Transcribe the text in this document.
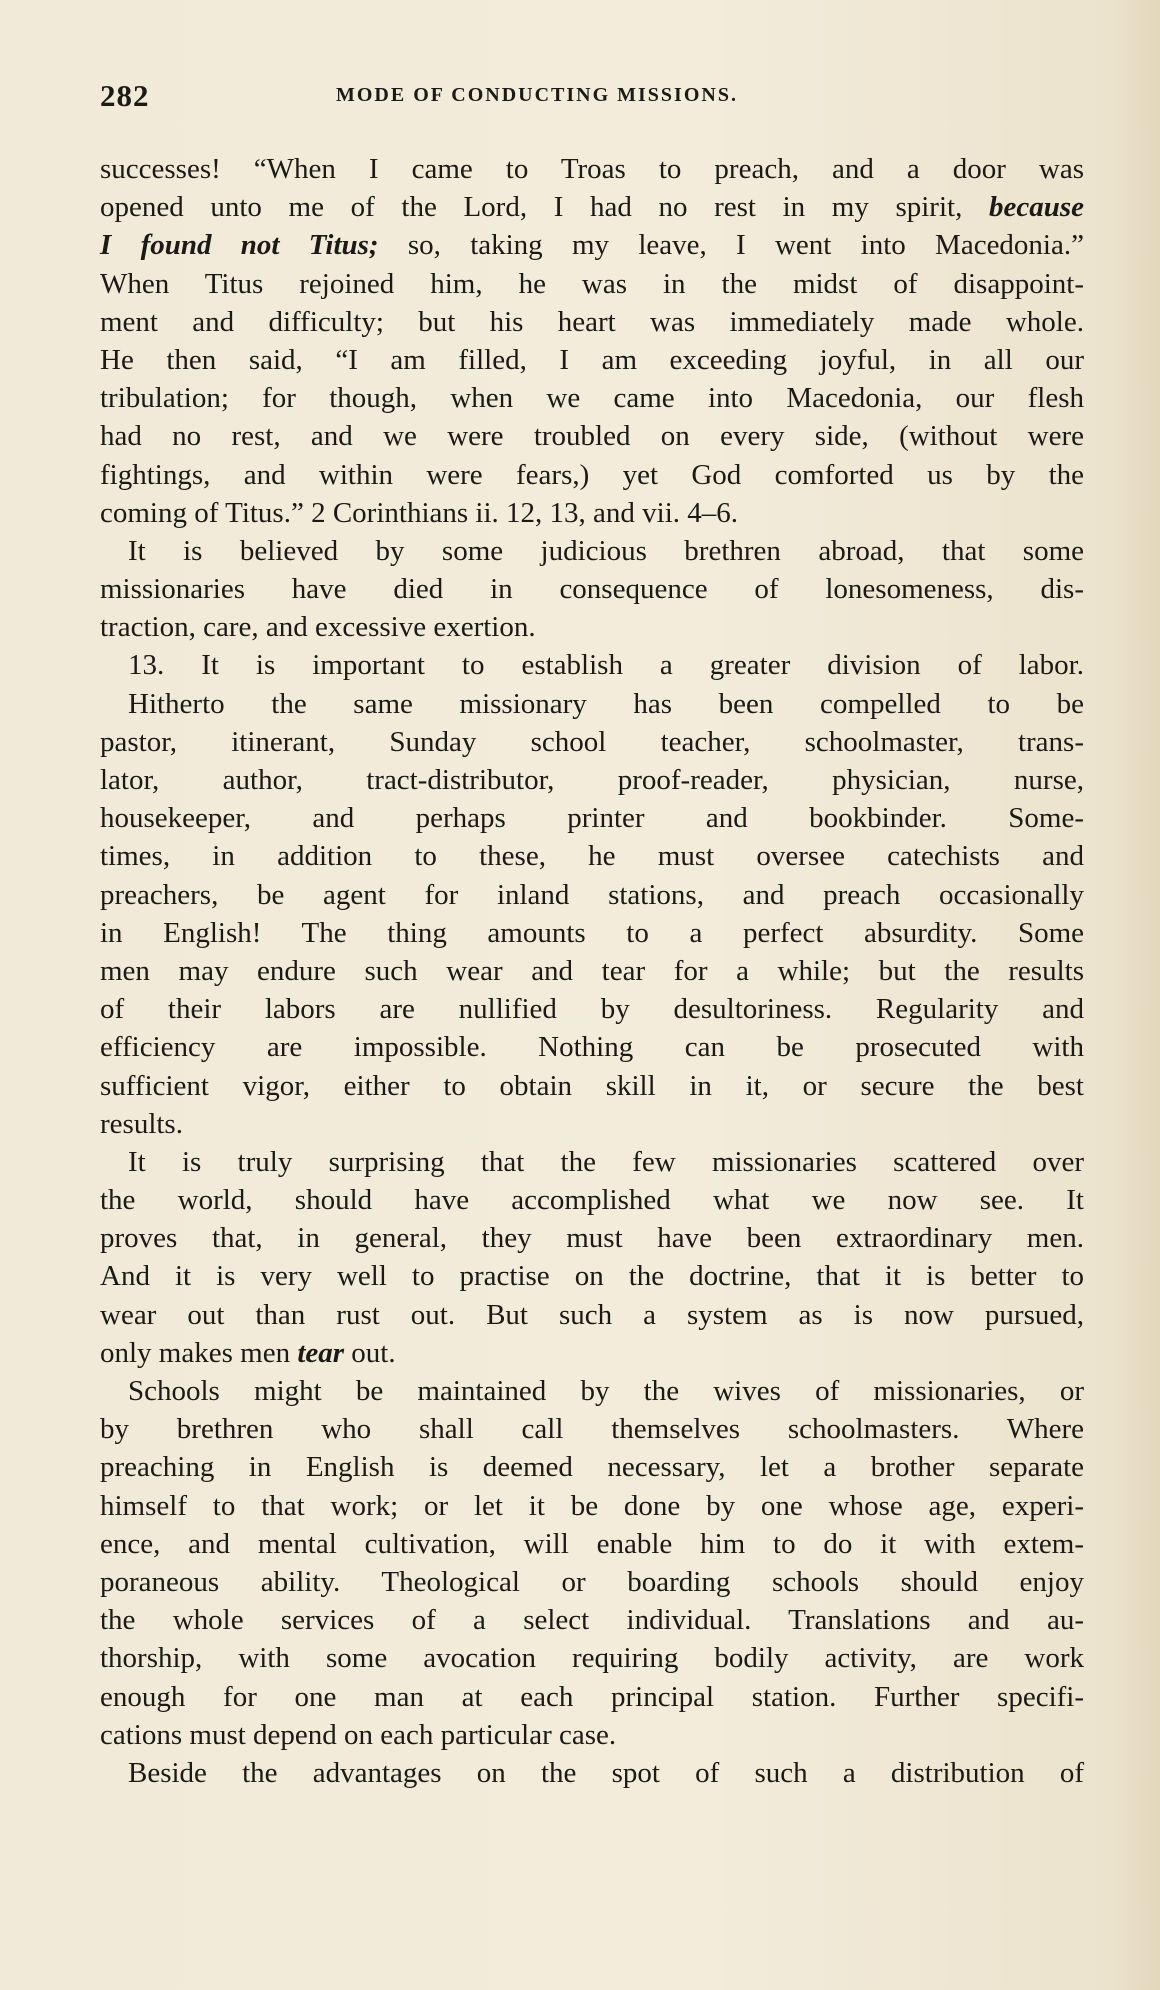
282	MODE OF CONDUCTING MISSIONS.
successes! “When I came to Troas to preach, and a door was
opened unto me of the Lord, I had no rest in my spirit, because
I found not Titus; so, taking my leave, I went into Macedonia.”
When Titus rejoined him, he was in the midst of disappoint-
ment and difficulty; but his heart was immediately made whole.
He then said, “I am filled, I am exceeding joyful, in all our
tribulation; for though, when we came into Macedonia, our flesh
had no rest, and we were troubled on every side, (without were
fightings, and within were fears,) yet God comforted us by the
coming of Titus.” 2 Corinthians ii. 12, 13, and vii. 4–6.
It is believed by some judicious brethren abroad, that some
missionaries have died in consequence of lonesomeness, dis-
traction, care, and excessive exertion.
13. It is important to establish a greater division of labor.
Hitherto the same missionary has been compelled to be
pastor, itinerant, Sunday school teacher, schoolmaster, trans-
lator, author, tract-distributor, proof-reader, physician, nurse,
housekeeper, and perhaps printer and bookbinder. Some-
times, in addition to these, he must oversee catechists and
preachers, be agent for inland stations, and preach occasionally
in English! The thing amounts to a perfect absurdity. Some
men may endure such wear and tear for a while; but the results
of their labors are nullified by desultoriness. Regularity and
efficiency are impossible. Nothing can be prosecuted with
sufficient vigor, either to obtain skill in it, or secure the best
results.
It is truly surprising that the few missionaries scattered over
the world, should have accomplished what we now see. It
proves that, in general, they must have been extraordinary men.
And it is very well to practise on the doctrine, that it is better to
wear out than rust out. But such a system as is now pursued,
only makes men tear out.
Schools might be maintained by the wives of missionaries, or
by brethren who shall call themselves schoolmasters. Where
preaching in English is deemed necessary, let a brother separate
himself to that work; or let it be done by one whose age, experi-
ence, and mental cultivation, will enable him to do it with extem-
poraneous ability. Theological or boarding schools should enjoy
the whole services of a select individual. Translations and au-
thorship, with some avocation requiring bodily activity, are work
enough for one man at each principal station. Further specifi-
cations must depend on each particular case.
Beside the advantages on the spot of such a distribution of
